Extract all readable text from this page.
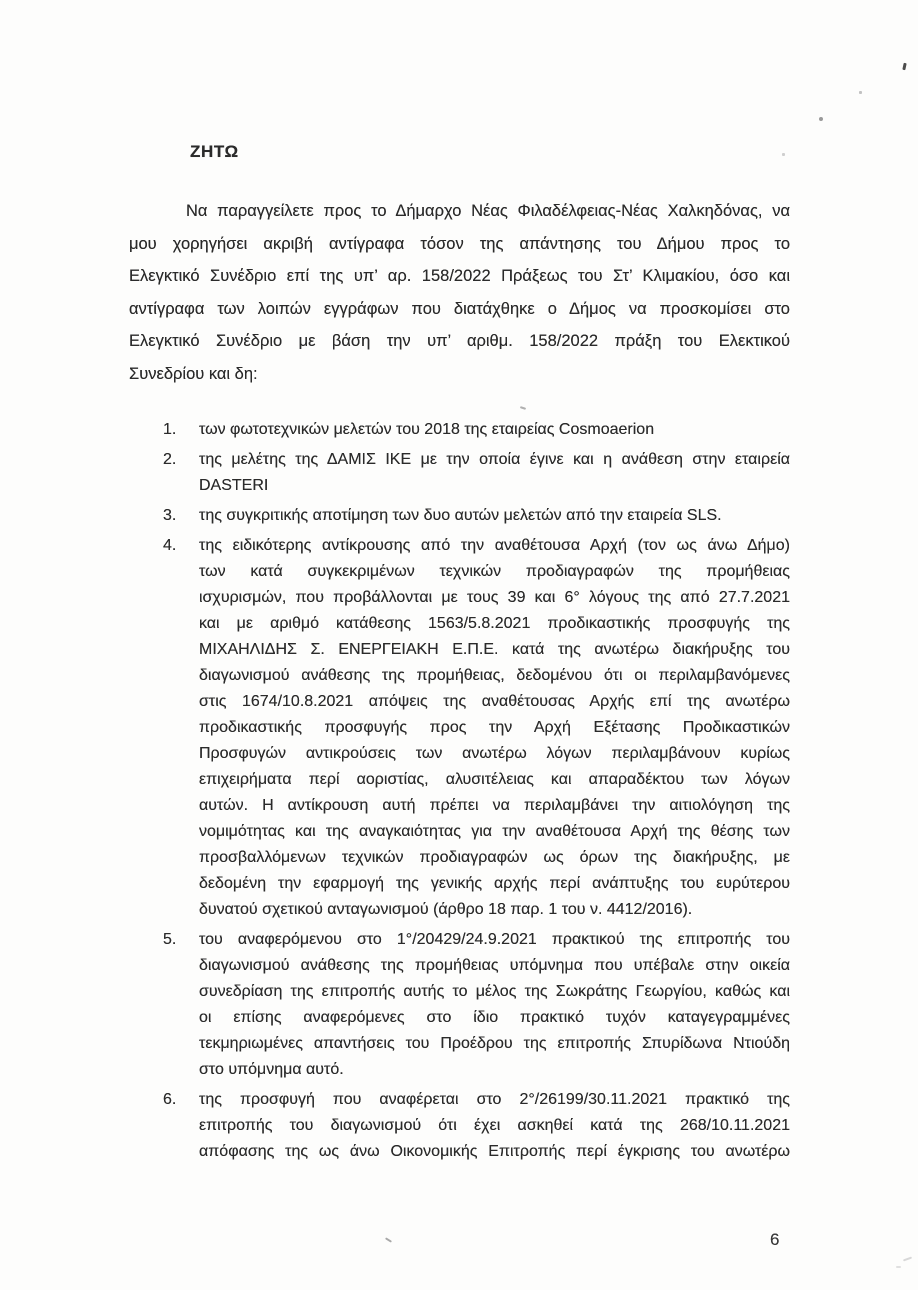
ΖΗΤΩ
Να παραγγείλετε προς το Δήμαρχο Νέας Φιλαδέλφειας-Νέας Χαλκηδόνας, να
μου χορηγήσει ακριβή αντίγραφα τόσον της απάντησης του Δήμου προς το
Ελεγκτικό Συνέδριο επί της υπ’ αρ. 158/2022 Πράξεως του Στ’ Κλιμακίου, όσο και
αντίγραφα των λοιπών εγγράφων που διατάχθηκε ο Δήμος να προσκομίσει στο
Ελεγκτικό Συνέδριο με βάση την υπ’ αριθμ. 158/2022 πράξη του Ελεκτικού
Συνεδρίου και δη:
1. των φωτοτεχνικών μελετών του 2018 της εταιρείας Cosmoaerion
2. της μελέτης της ΔΑΜΙΣ ΙΚΕ με την οποία έγινε και η ανάθεση στην εταιρεία
DASTERI
3. της συγκριτικής αποτίμηση των δυο αυτών μελετών από την εταιρεία SLS.
4. της ειδικότερης αντίκρουσης από την αναθέτουσα Αρχή (τον ως άνω Δήμο)
των κατά συγκεκριμένων τεχνικών προδιαγραφών της προμήθειας
ισχυρισμών, που προβάλλονται με τους 39 και 6° λόγους της από 27.7.2021
και με αριθμό κατάθεσης 1563/5.8.2021 προδικαστικής προσφυγής της
ΜΙΧΑΗΛΙΔΗΣ Σ. ΕΝΕΡΓΕΙΑΚΗ Ε.Π.Ε. κατά της ανωτέρω διακήρυξης του
διαγωνισμού ανάθεσης της προμήθειας, δεδομένου ότι οι περιλαμβανόμενες
στις 1674/10.8.2021 απόψεις της αναθέτουσας Αρχής επί της ανωτέρω
προδικαστικής προσφυγής προς την Αρχή Εξέτασης Προδικαστικών
Προσφυγών αντικρούσεις των ανωτέρω λόγων περιλαμβάνουν κυρίως
επιχειρήματα περί αοριστίας, αλυσιτέλειας και απαραδέκτου των λόγων
αυτών. Η αντίκρουση αυτή πρέπει να περιλαμβάνει την αιτιολόγηση της
νομιμότητας και της αναγκαιότητας για την αναθέτουσα Αρχή της θέσης των
προσβαλλόμενων τεχνικών προδιαγραφών ως όρων της διακήρυξης, με
δεδομένη την εφαρμογή της γενικής αρχής περί ανάπτυξης του ευρύτερου
δυνατού σχετικού ανταγωνισμού (άρθρο 18 παρ. 1 του ν. 4412/2016).
5. του αναφερόμενου στο 1°/20429/24.9.2021 πρακτικού της επιτροπής του
διαγωνισμού ανάθεσης της προμήθειας υπόμνημα που υπέβαλε στην οικεία
συνεδρίαση της επιτροπής αυτής το μέλος της Σωκράτης Γεωργίου, καθώς και
οι επίσης αναφερόμενες στο ίδιο πρακτικό τυχόν καταγεγραμμένες
τεκμηριωμένες απαντήσεις του Προέδρου της επιτροπής Σπυρίδωνα Ντιούδη
στο υπόμνημα αυτό.
6. της προσφυγή που αναφέρεται στο 2°/26199/30.11.2021 πρακτικό της
επιτροπής του διαγωνισμού ότι έχει ασκηθεί κατά της 268/10.11.2021
απόφασης της ως άνω Οικονομικής Επιτροπής περί έγκρισης του ανωτέρω
6
